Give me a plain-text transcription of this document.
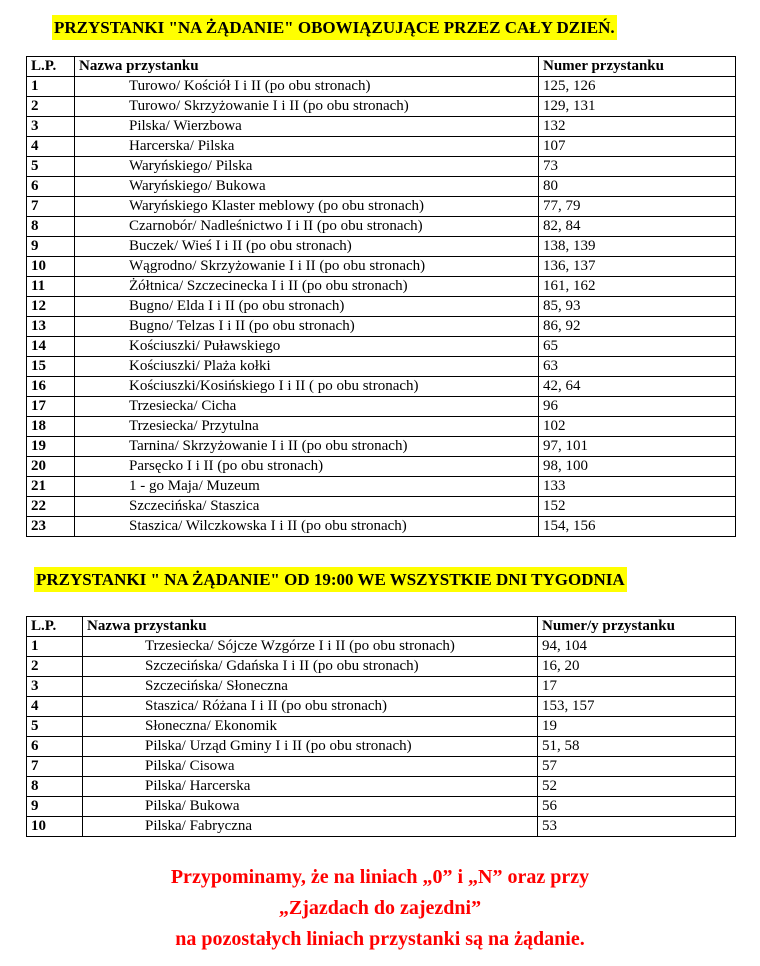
PRZYSTANKI "NA ŻĄDANIE" OBOWIĄZUJĄCE PRZEZ CAŁY DZIEŃ.
L.P.	Nazwa przystanku	Numer przystanku
1	Turowo/ Kościół I i II (po obu stronach)	125, 126
2	Turowo/ Skrzyżowanie I i II (po obu stronach)	129, 131
3	Pilska/ Wierzbowa	132
4	Harcerska/ Pilska	107
5	Waryńskiego/ Pilska	73
6	Waryńskiego/ Bukowa	80
7	Waryńskiego Klaster meblowy (po obu stronach)	77, 79
8	Czarnobór/ Nadleśnictwo I i II (po obu stronach)	82, 84
9	Buczek/ Wieś I i II (po obu stronach)	138, 139
10	Wągrodno/ Skrzyżowanie I i II (po obu stronach)	136, 137
11	Żółtnica/ Szczecinecka I i II (po obu stronach)	161, 162
12	Bugno/ Elda I i II (po obu stronach)	85, 93
13	Bugno/ Telzas I i II (po obu stronach)	86, 92
14	Kościuszki/ Puławskiego	65
15	Kościuszki/ Plaża kołki	63
16	Kościuszki/Kosińskiego I i II ( po obu stronach)	42, 64
17	Trzesiecka/ Cicha	96
18	Trzesiecka/ Przytulna	102
19	Tarnina/ Skrzyżowanie I i II (po obu stronach)	97, 101
20	Parsęcko I i II (po obu stronach)	98, 100
21	1 - go Maja/ Muzeum	133
22	Szczecińska/ Staszica	152
23	Staszica/ Wilczkowska I i II (po obu stronach)	154, 156
PRZYSTANKI " NA ŻĄDANIE" OD 19:00 WE WSZYSTKIE DNI TYGODNIA
L.P.	Nazwa przystanku	Numer/y przystanku
1	Trzesiecka/ Sójcze Wzgórze I i II (po obu stronach)	94, 104
2	Szczecińska/ Gdańska I i II (po obu stronach)	16, 20
3	Szczecińska/ Słoneczna	17
4	Staszica/ Różana I i II (po obu stronach)	153, 157
5	Słoneczna/ Ekonomik	19
6	Pilska/ Urząd Gminy I i II (po obu stronach)	51, 58
7	Pilska/ Cisowa	57
8	Pilska/ Harcerska	52
9	Pilska/ Bukowa	56
10	Pilska/ Fabryczna	53
Przypominamy, że na liniach „0” i „N” oraz przy
„Zjazdach do zajezdni”
na pozostałych liniach przystanki są na żądanie.
